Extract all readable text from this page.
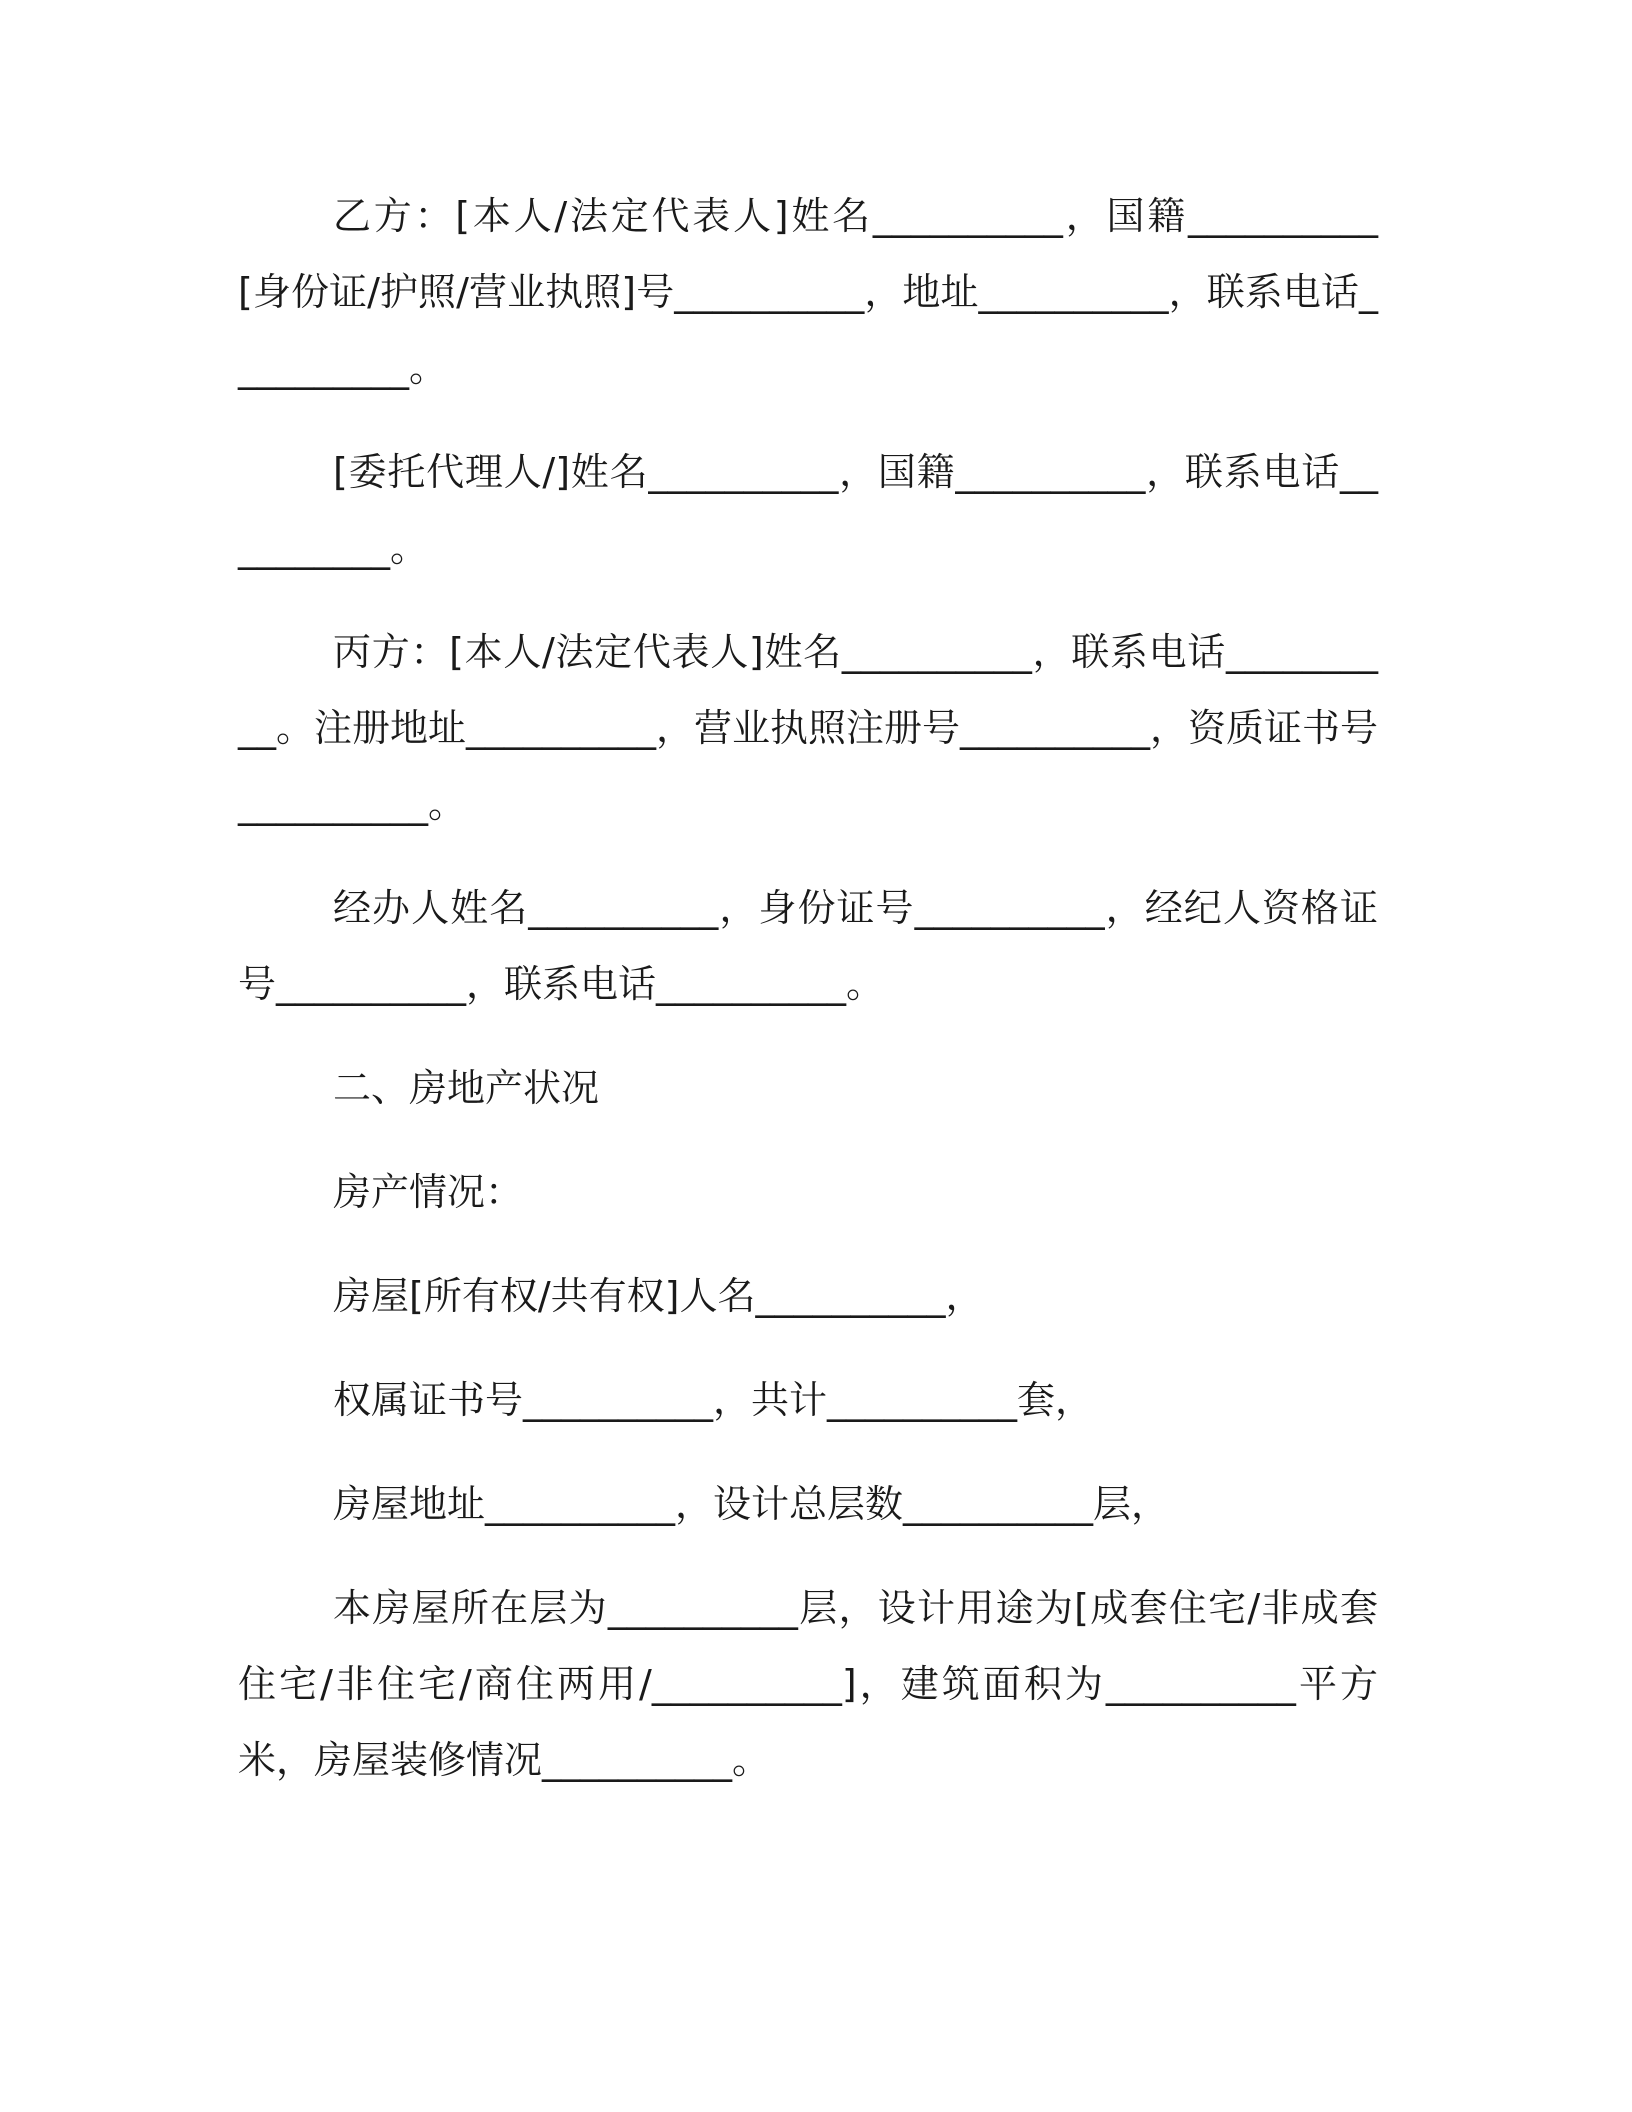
乙方：[本人/法定代表人]姓名__________，国籍__________[身份证/护照/营业执照]号__________，地址__________，联系电话__________。

[委托代理人/]姓名__________，国籍__________，联系电话__________。

丙方：[本人/法定代表人]姓名__________，联系电话__________。注册地址__________，营业执照注册号__________，资质证书号__________。

经办人姓名__________，身份证号__________，经纪人资格证号__________，联系电话__________。

二、房地产状况

房产情况：

房屋[所有权/共有权]人名__________，

权属证书号__________，共计__________套，

房屋地址__________，设计总层数__________层，

本房屋所在层为__________层，设计用途为[成套住宅/非成套住宅/非住宅/商住两用/__________]，建筑面积为__________平方米，房屋装修情况__________。
